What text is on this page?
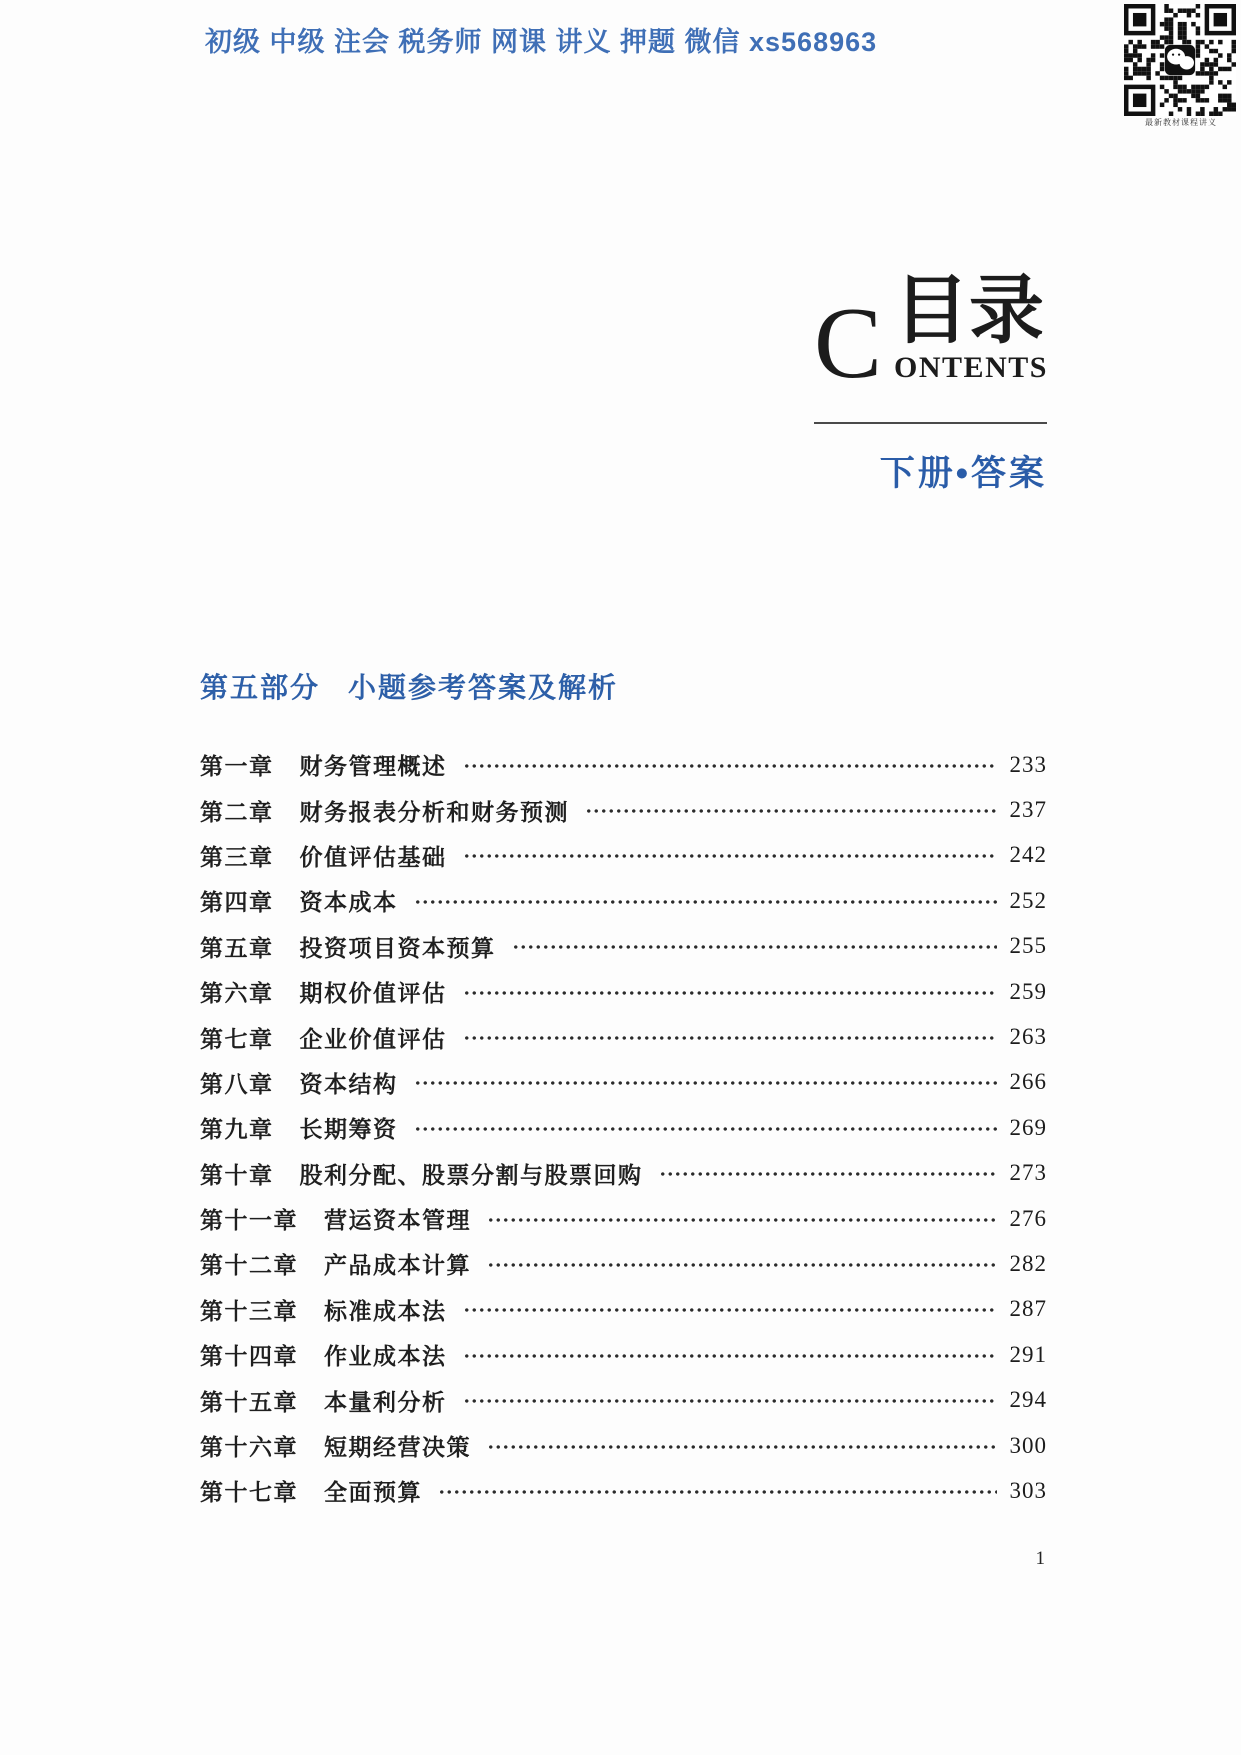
初级 中级 注会 税务师 网课 讲义 押题 微信 xs568963
最新教材课程讲义
C 目录
ONTENTS
下册•答案
第五部分 小题参考答案及解析
第一章 财务管理概述	233
第二章 财务报表分析和财务预测	237
第三章 价值评估基础	242
第四章 资本成本	252
第五章 投资项目资本预算	255
第六章 期权价值评估	259
第七章 企业价值评估	263
第八章 资本结构	266
第九章 长期筹资	269
第十章 股利分配、股票分割与股票回购	273
第十一章 营运资本管理	276
第十二章 产品成本计算	282
第十三章 标准成本法	287
第十四章 作业成本法	291
第十五章 本量利分析	294
第十六章 短期经营决策	300
第十七章 全面预算	303
1
